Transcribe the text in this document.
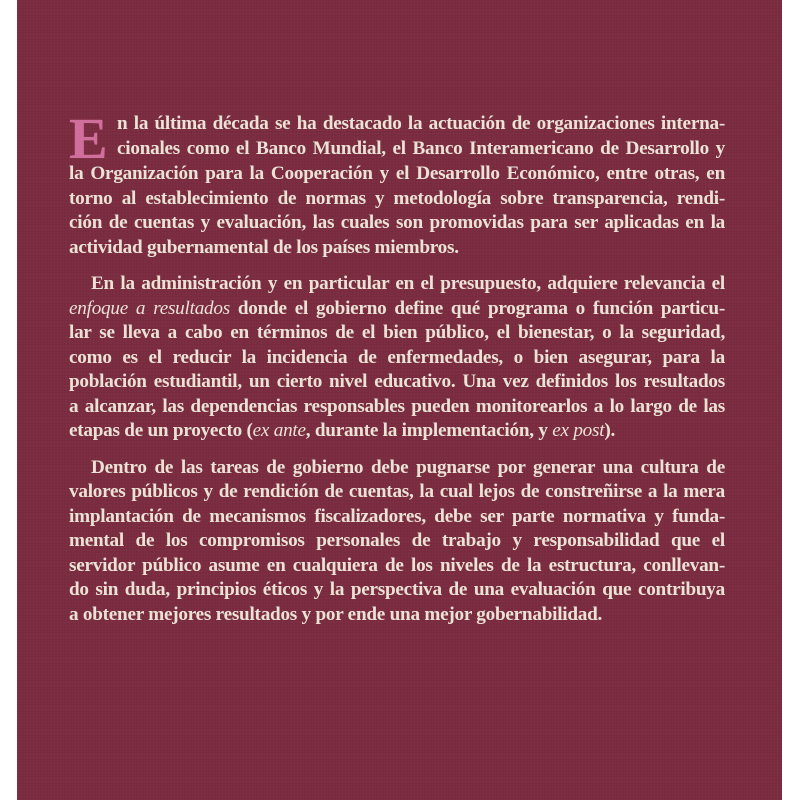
E n la última década se ha destacado la actuación de organizaciones interna-
cionales como el Banco Mundial, el Banco Interamericano de Desarrollo y
la Organización para la Cooperación y el Desarrollo Económico, entre otras, en
torno al establecimiento de normas y metodología sobre transparencia, rendi-
ción de cuentas y evaluación, las cuales son promovidas para ser aplicadas en la
actividad gubernamental de los países miembros.
En la administración y en particular en el presupuesto, adquiere relevancia el
enfoque a resultados donde el gobierno define qué programa o función particu-
lar se lleva a cabo en términos de el bien público, el bienestar, o la seguridad,
como es el reducir la incidencia de enfermedades, o bien asegurar, para la
población estudiantil, un cierto nivel educativo. Una vez definidos los resultados
a alcanzar, las dependencias responsables pueden monitorearlos a lo largo de las
etapas de un proyecto (ex ante, durante la implementación, y ex post).
Dentro de las tareas de gobierno debe pugnarse por generar una cultura de
valores públicos y de rendición de cuentas, la cual lejos de constreñirse a la mera
implantación de mecanismos fiscalizadores, debe ser parte normativa y funda-
mental de los compromisos personales de trabajo y responsabilidad que el
servidor público asume en cualquiera de los niveles de la estructura, conllevan-
do sin duda, principios éticos y la perspectiva de una evaluación que contribuya
a obtener mejores resultados y por ende una mejor gobernabilidad.
